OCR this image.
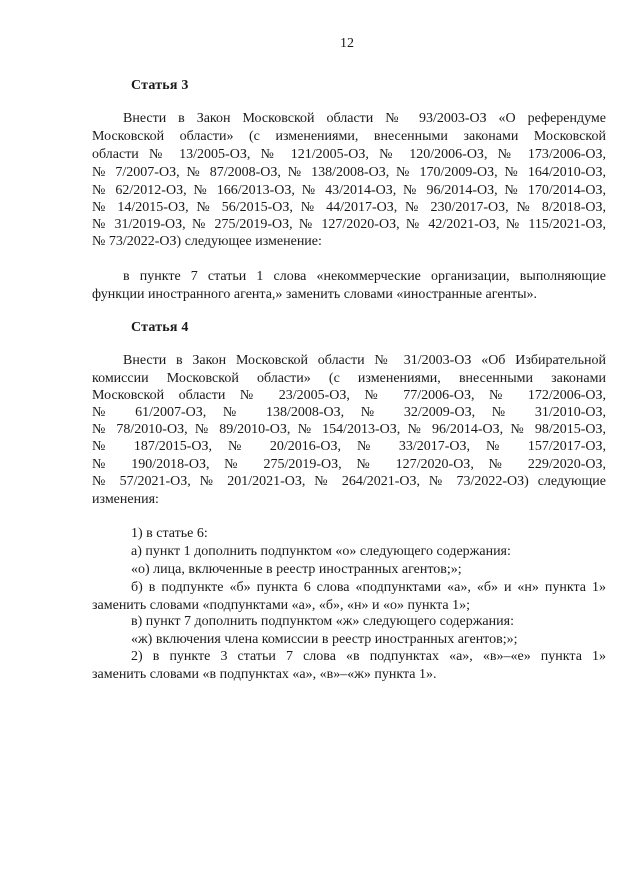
12
Статья 3
Внести в Закон Московской области № 93/2003-ОЗ «О референдуме
Московской области» (с изменениями, внесенными законами Московской
области № 13/2005-ОЗ, № 121/2005-ОЗ, № 120/2006-ОЗ, № 173/2006-ОЗ,
№ 7/2007-ОЗ, № 87/2008-ОЗ, № 138/2008-ОЗ, № 170/2009-ОЗ, № 164/2010-ОЗ,
№ 62/2012-ОЗ, № 166/2013-ОЗ, № 43/2014-ОЗ, № 96/2014-ОЗ, № 170/2014-ОЗ,
№ 14/2015-ОЗ, № 56/2015-ОЗ, № 44/2017-ОЗ, № 230/2017-ОЗ, № 8/2018-ОЗ,
№ 31/2019-ОЗ, № 275/2019-ОЗ, № 127/2020-ОЗ, № 42/2021-ОЗ, № 115/2021-ОЗ,
№ 73/2022-ОЗ) следующее изменение:
в пункте 7 статьи 1 слова «некоммерческие организации, выполняющие
функции иностранного агента,» заменить словами «иностранные агенты».
Статья 4
Внести в Закон Московской области № 31/2003-ОЗ «Об Избирательной
комиссии Московской области» (с изменениями, внесенными законами
Московской области № 23/2005-ОЗ, № 77/2006-ОЗ, № 172/2006-ОЗ,
№ 61/2007-ОЗ, № 138/2008-ОЗ, № 32/2009-ОЗ, № 31/2010-ОЗ,
№ 78/2010-ОЗ, № 89/2010-ОЗ, № 154/2013-ОЗ, № 96/2014-ОЗ, № 98/2015-ОЗ,
№ 187/2015-ОЗ, № 20/2016-ОЗ, № 33/2017-ОЗ, № 157/2017-ОЗ,
№ 190/2018-ОЗ, № 275/2019-ОЗ, № 127/2020-ОЗ, № 229/2020-ОЗ,
№ 57/2021-ОЗ, № 201/2021-ОЗ, № 264/2021-ОЗ, № 73/2022-ОЗ) следующие
изменения:
1) в статье 6:
а) пункт 1 дополнить подпунктом «о» следующего содержания:
«о) лица, включенные в реестр иностранных агентов;»;
б) в подпункте «б» пункта 6 слова «подпунктами «а», «б» и «н» пункта 1»
заменить словами «подпунктами «а», «б», «н» и «о» пункта 1»;
в) пункт 7 дополнить подпунктом «ж» следующего содержания:
«ж) включения члена комиссии в реестр иностранных агентов;»;
2) в пункте 3 статьи 7 слова «в подпунктах «а», «в»–«е» пункта 1»
заменить словами «в подпунктах «а», «в»–«ж» пункта 1».
